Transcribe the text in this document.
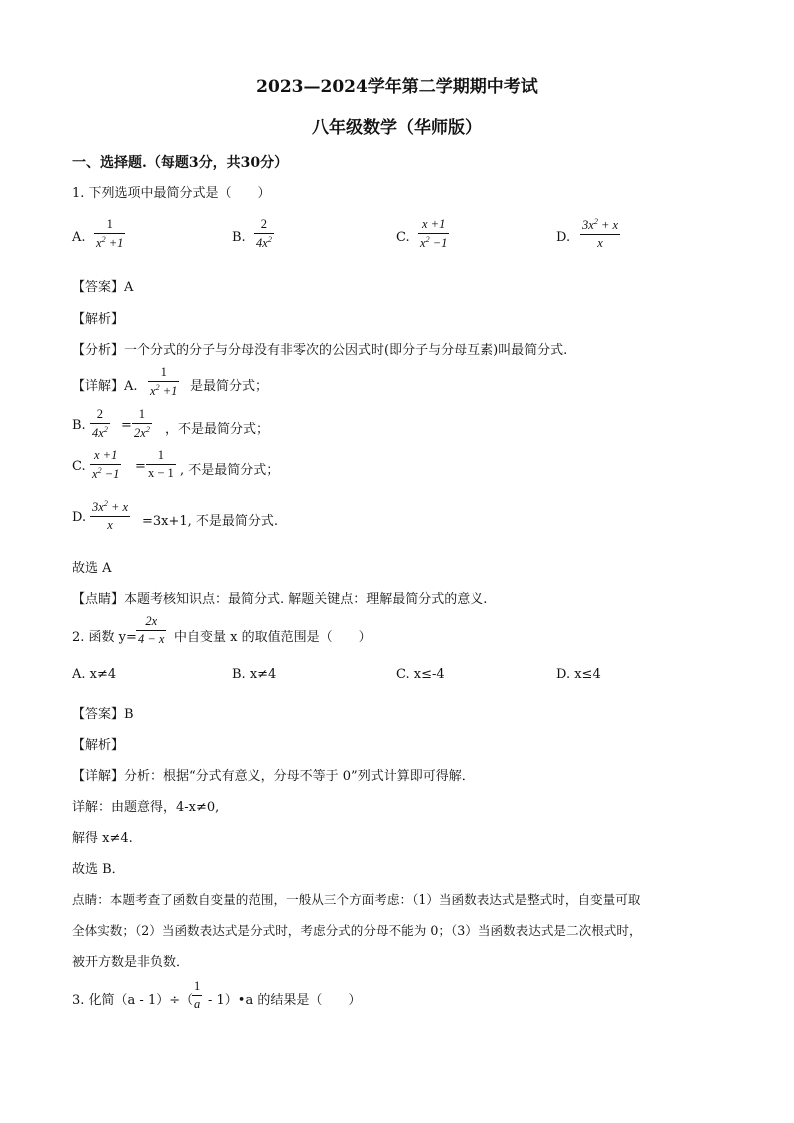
2023—2024学年第二学期期中考试
八年级数学（华师版）
一、选择题.（每题3分，共30分）
1. 下列选项中最简分式是（　　）
A.
1
$x^2 +1$	B.
2
$4x^2$	C.
x +1
$x^2 -1$	D.
$3x^2 + x$
x
【答案】A
【解析】
【分析】一个分式的分子与分母没有非零次的公因式时(即分子与分母互素)叫最简分式.
【详解】A.
1
$x^2 +1$ 是最简分式；
B.
2
$4x^2$ =
1
$2x^2$ ，不是最简分式；
C.
x +1
$x^2 -1$ =
1
x − 1 , 不是最简分式；
D.
$3x^2 + x$
x =3x+1, 不是最简分式.
故选 A
【点睛】本题考核知识点：最简分式. 解题关键点：理解最简分式的意义.
2. 函数 y=
2x
4 − x 中自变量 x 的取值范围是（　　）
A. x≠4	B. x≠4	C. x≤-4	D. x≤4
【答案】B
【解析】
【详解】分析：根据“分式有意义，分母不等于 0”列式计算即可得解．
详解：由题意得，4-x≠0,
解得 x≠4.
故选 B．
点睛：本题考查了函数自变量的范围，一般从三个方面考虑：（1）当函数表达式是整式时，自变量可取
全体实数；（2）当函数表达式是分式时，考虑分式的分母不能为 0；（3）当函数表达式是二次根式时，
被开方数是非负数．
3. 化简（a - 1）÷（
1
a - 1）•a 的结果是（　　）
